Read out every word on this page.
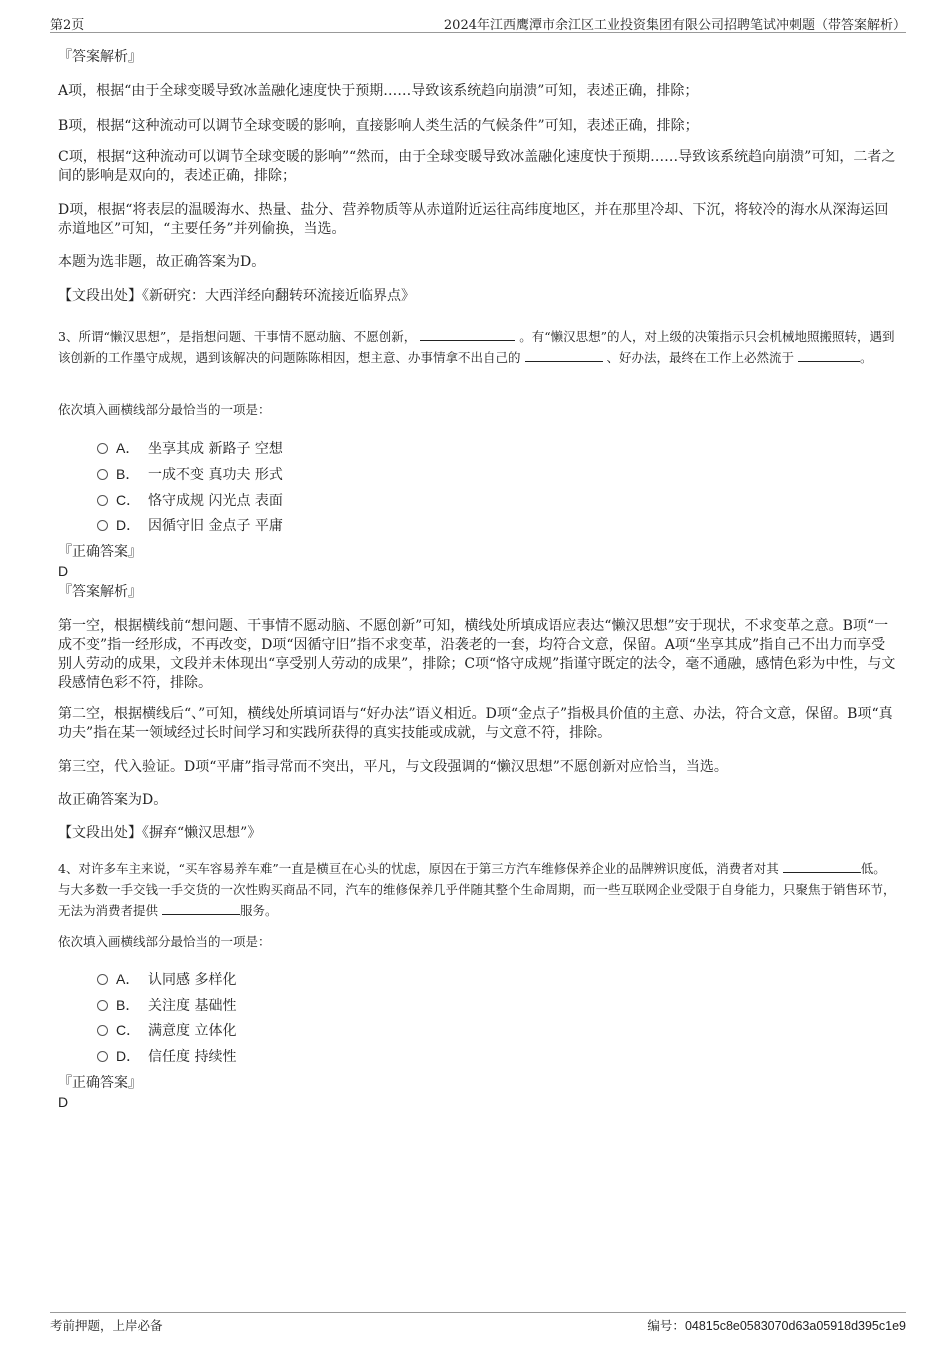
第2页	2024年江西鹰潭市余江区工业投资集团有限公司招聘笔试冲刺题（带答案解析）
『答案解析』
A项，根据“由于全球变暖导致冰盖融化速度快于预期……导致该系统趋向崩溃”可知，表述正确，排除；
B项，根据“这种流动可以调节全球变暖的影响，直接影响人类生活的气候条件”可知，表述正确，排除；
C项，根据“这种流动可以调节全球变暖的影响”“然而，由于全球变暖导致冰盖融化速度快于预期……导致该系统趋向崩溃”可知，二者之间的影响是双向的，表述正确，排除；
D项，根据“将表层的温暖海水、热量、盐分、营养物质等从赤道附近运往高纬度地区，并在那里冷却、下沉，将较冷的海水从深海运回赤道地区”可知，“主要任务”并列偷换，当选。
本题为选非题，故正确答案为D。
【文段出处】《新研究：大西洋经向翻转环流接近临界点》
3、所谓“懒汉思想”，是指想问题、干事情不愿动脑、不愿创新，	。有“懒汉思想”的人，对上级的决策指示只会机械地照搬照转，遇到该创新的工作墨守成规，遇到该解决的问题陈陈相因，想主意、办事情拿不出自己的	、好办法，最终在工作上必然流于	。
依次填入画横线部分最恰当的一项是：
A． 坐享其成 新路子 空想
B． 一成不变 真功夫 形式
C． 恪守成规 闪光点 表面
D． 因循守旧 金点子 平庸
『正确答案』
D
『答案解析』
第一空，根据横线前“想问题、干事情不愿动脑、不愿创新”可知，横线处所填成语应表达“懒汉思想”安于现状，不求变革之意。B项“一成不变”指一经形成，不再改变，D项“因循守旧”指不求变革，沿袭老的一套，均符合文意，保留。A项“坐享其成”指自己不出力而享受别人劳动的成果，文段并未体现出“享受别人劳动的成果”，排除；C项“恪守成规”指谨守既定的法令，毫不通融，感情色彩为中性，与文段感情色彩不符，排除。
第二空，根据横线后“、”可知，横线处所填词语与“好办法”语义相近。D项“金点子”指极具价值的主意、办法，符合文意，保留。B项“真功夫”指在某一领域经过长时间学习和实践所获得的真实技能或成就，与文意不符，排除。
第三空，代入验证。D项“平庸”指寻常而不突出，平凡，与文段强调的“懒汉思想”不愿创新对应恰当，当选。
故正确答案为D。
【文段出处】《摒弃“懒汉思想”》
4、对许多车主来说，“买车容易养车难”一直是横亘在心头的忧虑，原因在于第三方汽车维修保养企业的品牌辨识度低，消费者对其	低。与大多数一手交钱一手交货的一次性购买商品不同，汽车的维修保养几乎伴随其整个生命周期，而一些互联网企业受限于自身能力，只聚焦于销售环节，无法为消费者提供	服务。
依次填入画横线部分最恰当的一项是：
A． 认同感 多样化
B． 关注度 基础性
C． 满意度 立体化
D． 信任度 持续性
『正确答案』
D
考前押题，上岸必备	编号：04815c8e0583070d63a05918d395c1e9
